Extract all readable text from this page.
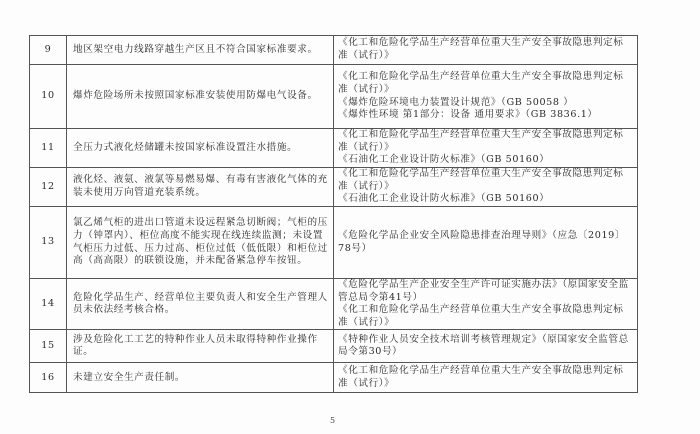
9	地区架空电力线路穿越生产区且不符合国家标准要求。	《化工和危险化学品生产经营单位重大生产安全事故隐患判定标准（试行）》

10	爆炸危险场所未按照国家标准安装使用防爆电气设备。	《化工和危险化学品生产经营单位重大生产安全事故隐患判定标准（试行）》
《爆炸危险环境电力装置设计规范》（GB 50058 ）
《爆炸性环境 第1部分：设备 通用要求》（GB 3836.1）

11	全压力式液化烃储罐未按国家标准设置注水措施。	《化工和危险化学品生产经营单位重大生产安全事故隐患判定标准（试行）》
《石油化工企业设计防火标准》（GB 50160）

12	液化烃、液氨、液氯等易燃易爆、有毒有害液化气体的充装未使用万向管道充装系统。	《化工和危险化学品生产经营单位重大生产安全事故隐患判定标准（试行）》
《石油化工企业设计防火标准》（GB 50160）

13	氯乙烯气柜的进出口管道未设远程紧急切断阀；气柜的压力（钟罩内）、柜位高度不能实现在线连续监测；未设置气柜压力过低、压力过高、柜位过低（低低限）和柜位过高（高高限）的联锁设施，并未配备紧急停车按钮。	《危险化学品企业安全风险隐患排查治理导则》（应急〔2019〕78号）

14	危险化学品生产、经营单位主要负责人和安全生产管理人员未依法经考核合格。	《危险化学品生产企业安全生产许可证实施办法》（原国家安全监管总局令第41号）
《化工和危险化学品生产经营单位重大生产安全事故隐患判定标准（试行）》

15	涉及危险化工工艺的特种作业人员未取得特种作业操作证。	《特种作业人员安全技术培训考核管理规定》（原国家安全监管总局令第30号）

16	未建立安全生产责任制。	《化工和危险化学品生产经营单位重大生产安全事故隐患判定标准（试行）》
5
